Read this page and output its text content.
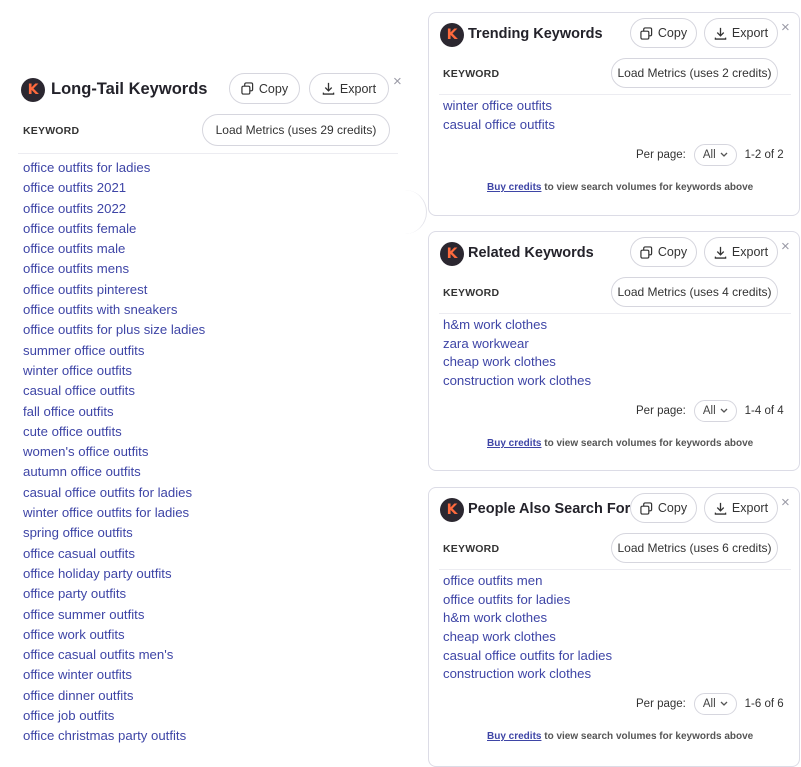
K Long-Tail Keywords	Copy	Export ×
KEYWORD	Load Metrics (uses 29 credits)
office outfits for ladies
office outfits 2021
office outfits 2022
office outfits female
office outfits male
office outfits mens
office outfits pinterest
office outfits with sneakers
office outfits for plus size ladies
summer office outfits
winter office outfits
casual office outfits
fall office outfits
cute office outfits
women's office outfits
autumn office outfits
casual office outfits for ladies
winter office outfits for ladies
spring office outfits
office casual outfits
office holiday party outfits
office party outfits
office summer outfits
office work outfits
office casual outfits men's
office winter outfits
office dinner outfits
office job outfits
office christmas party outfits
K Trending Keywords	Copy	Export ×
KEYWORD	Load Metrics (uses 2 credits)
winter office outfits
casual office outfits
Per page: All	1-2 of 2
Buy credits to view search volumes for keywords above
K Related Keywords	Copy	Export ×
KEYWORD	Load Metrics (uses 4 credits)
h&m work clothes
zara workwear
cheap work clothes
construction work clothes
Per page: All	1-4 of 4
Buy credits to view search volumes for keywords above
K People Also Search For Copy	Export ×
KEYWORD	Load Metrics (uses 6 credits)
office outfits men
office outfits for ladies
h&m work clothes
cheap work clothes
casual office outfits for ladies
construction work clothes
Per page: All	1-6 of 6
Buy credits to view search volumes for keywords above
